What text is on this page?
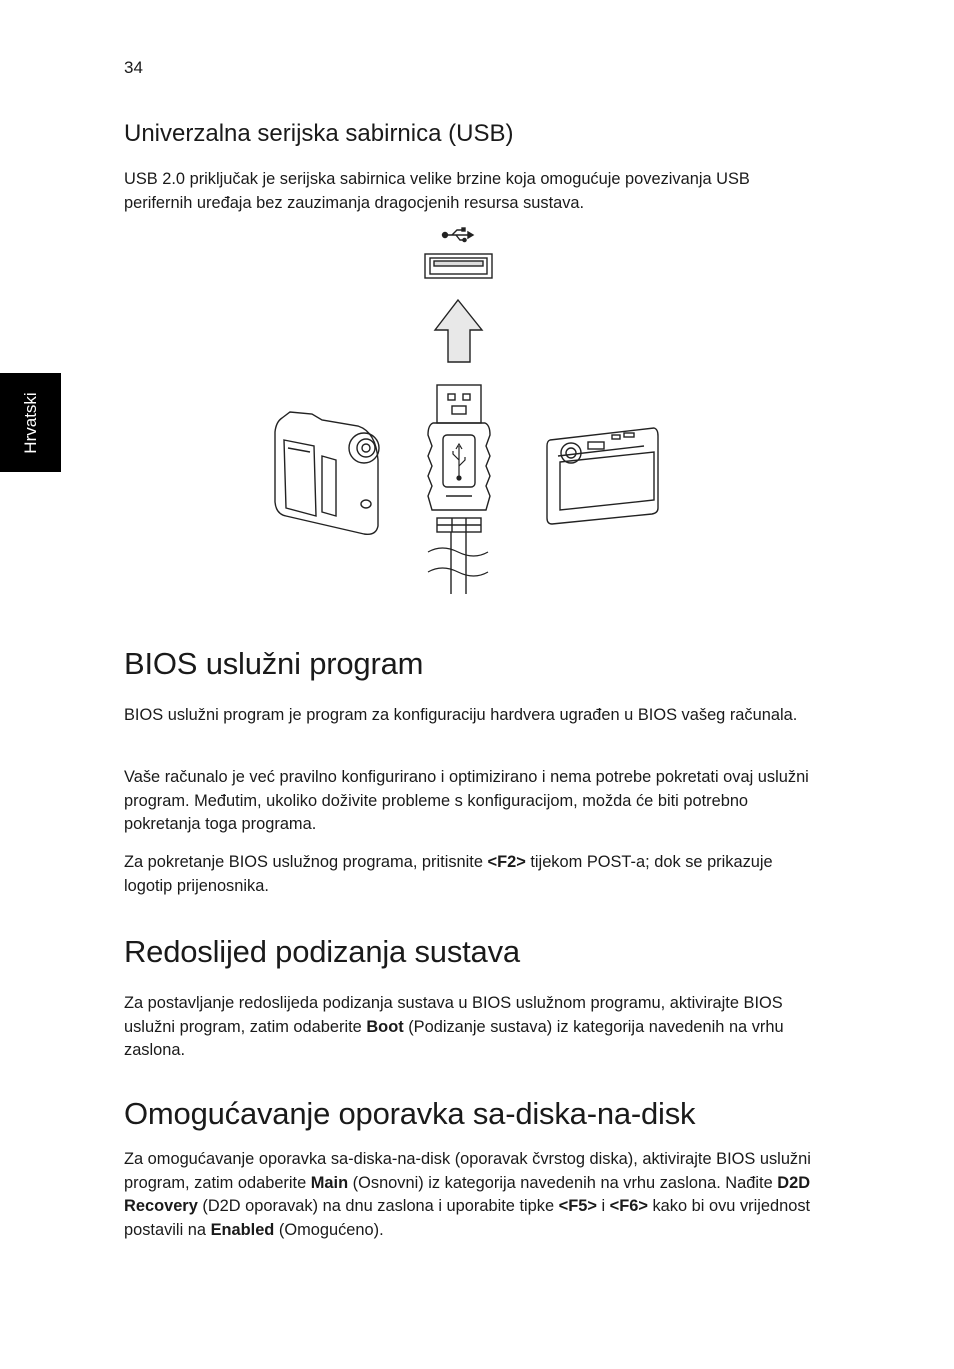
34
Hrvatski
Univerzalna serijska sabirnica (USB)

USB 2.0 priključak je serijska sabirnica velike brzine koja omogućuje povezivanja USB perifernih uređaja bez zauzimanja dragocjenih resursa sustava.

BIOS uslužni program

BIOS uslužni program je program za konfiguraciju hardvera ugrađen u BIOS vašeg računala.

Vaše računalo je već pravilno konfigurirano i optimizirano i nema potrebe pokretati ovaj uslužni program. Međutim, ukoliko doživite probleme s konfiguracijom, možda će biti potrebno pokretanja toga programa.

Za pokretanje BIOS uslužnog programa, pritisnite <F2> tijekom POST-a; dok se prikazuje logotip prijenosnika.

Redoslijed podizanja sustava

Za postavljanje redoslijeda podizanja sustava u BIOS uslužnom programu, aktivirajte BIOS uslužni program, zatim odaberite Boot (Podizanje sustava) iz kategorija navedenih na vrhu zaslona.

Omogućavanje oporavka sa-diska-na-disk

Za omogućavanje oporavka sa-diska-na-disk (oporavak čvrstog diska), aktivirajte BIOS uslužni program, zatim odaberite Main (Osnovni) iz kategorija navedenih na vrhu zaslona. Nađite D2D Recovery (D2D oporavak) na dnu zaslona i uporabite tipke <F5> i <F6> kako bi ovu vrijednost postavili na Enabled (Omogućeno).
